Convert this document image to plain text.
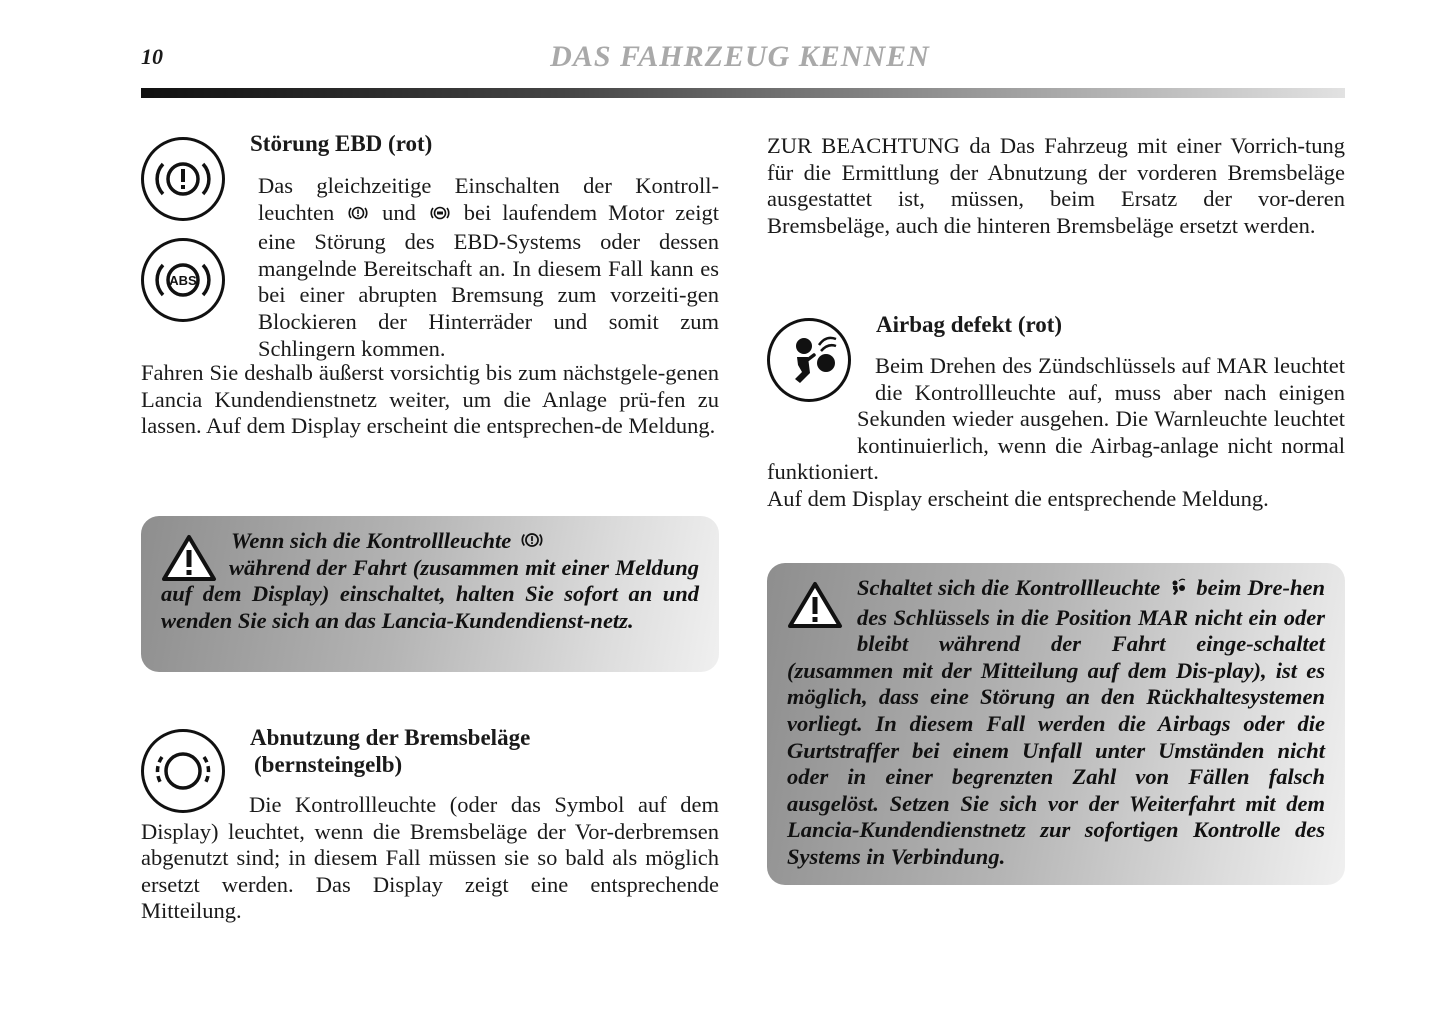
10	DAS FAHRZEUG KENNEN
ABS
Störung EBD (rot)
Das gleichzeitige Einschalten der Kontroll- leuchten und bei laufendem Motor zeigt eine Störung des EBD-Systems oder dessen mangelnde Bereitschaft an. In diesem Fall kann es bei einer abrupten Bremsung zum vorzeiti-gen Blockieren der Hinterräder und somit zum Schlingern kommen.
Fahren Sie deshalb äußerst vorsichtig bis zum nächstgele-genen Lancia Kundendienstnetz weiter, um die Anlage prü-fen zu lassen. Auf dem Display erscheint die entsprechen-de Meldung.
Wenn sich die Kontrollleuchte
während der Fahrt (zusammen mit einer Meldung auf dem Display) einschaltet, halten Sie sofort an und wenden Sie sich an das Lancia-Kundendienst-netz.
Abnutzung der Bremsbeläge
(bernsteingelb)
Die Kontrollleuchte (oder das Symbol auf dem Display) leuchtet, wenn die Bremsbeläge der Vor-derbremsen abgenutzt sind; in diesem Fall müssen sie so bald als möglich ersetzt werden. Das Display zeigt eine entsprechende Mitteilung.
ZUR BEACHTUNG da Das Fahrzeug mit einer Vorrich-tung für die Ermittlung der Abnutzung der vorderen Bremsbeläge ausgestattet ist, müssen, beim Ersatz der vor-deren Bremsbeläge, auch die hinteren Bremsbeläge ersetzt werden.
Airbag defekt (rot)
Beim Drehen des Zündschlüssels auf MAR leuchtet die Kontrollleuchte auf, muss aber nach einigen Sekunden wieder ausgehen. Die Warnleuchte leuchtet kontinuierlich, wenn die Airbag-anlage nicht normal funktioniert.
Auf dem Display erscheint die entsprechende Meldung.
Schaltet sich die Kontrollleuchte beim Dre-hen des Schlüssels in die Position MAR nicht ein oder bleibt während der Fahrt einge-schaltet (zusammen mit der Mitteilung auf dem Dis-play), ist es möglich, dass eine Störung an den Rückhaltesystemen vorliegt. In diesem Fall werden die Airbags oder die Gurtstraffer bei einem Unfall unter Umständen nicht oder in einer begrenzten Zahl von Fällen falsch ausgelöst. Setzen Sie sich vor der Weiterfahrt mit dem Lancia-Kundendienstnetz zur sofortigen Kontrolle des Systems in Verbindung.
